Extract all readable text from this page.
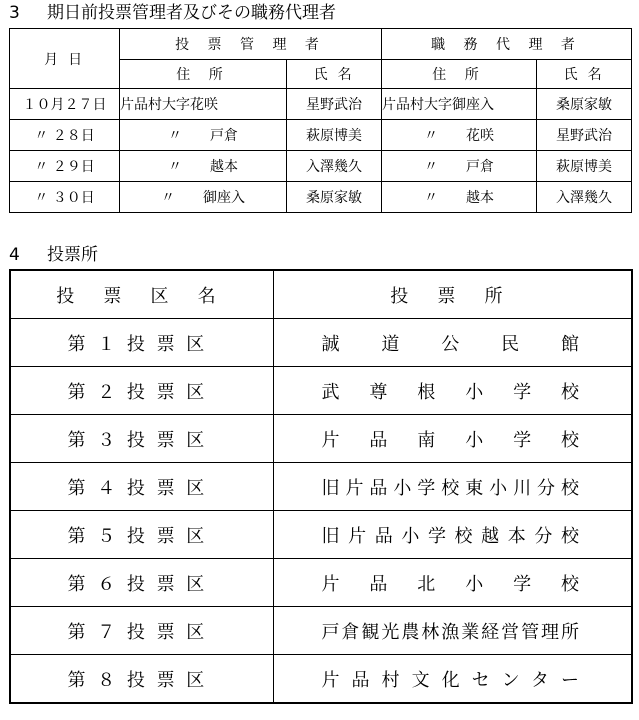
3 期日前投票管理者及びその職務代理者
月 日	投 票 管 理 者		職 務 代 理 者	
	住 所	氏 名	住 所	氏 名
１０月２７日	片品村大字花咲	星野武治	片品村大字御座入	桑原家敏
〃 ２８日	〃　　戸倉	萩原博美	〃　　花咲	星野武治
〃 ２９日	〃　　越本	入澤幾久	〃　　戸倉	萩原博美
〃 ３０日	〃　　御座入	桑原家敏	〃　　越本	入澤幾久
4 投票所
投 票 区 名	投 票 所
第１投票区	誠道公民館
第２投票区	武尊根小学校
第３投票区	片品南小学校
第４投票区	旧片品小学校東小川分校
第５投票区	旧片品小学校越本分校
第６投票区	片品北小学校
第７投票区	戸倉観光農林漁業経営管理所
第８投票区	片品村文化センター
